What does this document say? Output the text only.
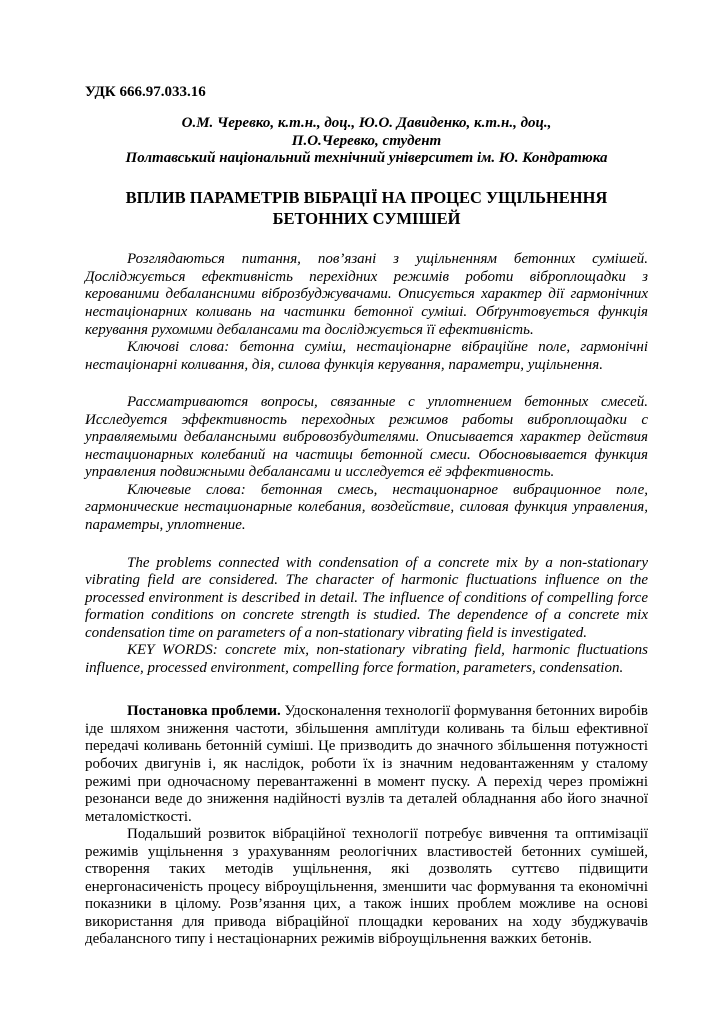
УДК 666.97.033.16
О.М. Черевко, к.т.н., доц., Ю.О. Давиденко, к.т.н., доц.,
П.О.Черевко, студент
Полтавський національний технічний університет ім. Ю. Кондратюка
ВПЛИВ ПАРАМЕТРІВ ВІБРАЦІЇ НА ПРОЦЕС УЩІЛЬНЕННЯ
БЕТОННИХ СУМІШЕЙ

Розглядаються питання, пов’язані з ущільненням бетонних сумішей. Досліджується ефективність перехідних режимів роботи віброплощадки з керованими дебалансними віброзбуджувачами. Описується характер дії гармонічних нестаціонарних коливань на частинки бетонної суміші. Обґрунтовується функція керування рухомими дебалансами та досліджується її ефективність.

Ключові слова: бетонна суміш, нестаціонарне вібраційне поле, гармонічні нестаціонарні коливання, дія, силова функція керування, параметри, ущільнення.

Рассматриваются вопросы, связанные с уплотнением бетонных смесей. Исследуется эффективность переходных режимов работы виброплощадки с управляемыми дебалансными вибровозбудителями. Описывается характер действия нестационарных колебаний на частицы бетонной смеси. Обосновывается функция управления подвижными дебалансами и исследуется её эффективность.

Ключевые слова: бетонная смесь, нестационарное вибрационное поле, гармонические нестационарные колебания, воздействие, силовая функция управления, параметры, уплотнение.

The problems connected with condensation of a concrete mix by a non-stationary vibrating field are considered. The character of harmonic fluctuations influence on the processed environment is described in detail. The influence of conditions of compelling force formation conditions on concrete strength is studied. The dependence of a concrete mix condensation time on parameters of a non-stationary vibrating field is investigated.

KEY WORDS: concrete mix, non-stationary vibrating field, harmonic fluctuations influence, processed environment, compelling force formation, parameters, condensation.

Постановка проблеми. Удосконалення технології формування бетонних виробів іде шляхом зниження частоти, збільшення амплітуди коливань та більш ефективної передачі коливань бетонній суміші. Це призводить до значного збільшення потужності робочих двигунів і, як наслідок, роботи їх із значним недовантаженням у сталому режимі при одночасному перевантаженні в момент пуску. А перехід через проміжні резонанси веде до зниження надійності вузлів та деталей обладнання або його значної металомісткості.

Подальший розвиток вібраційної технології потребує вивчення та оптимізації режимів ущільнення з урахуванням реологічних властивостей бетонних сумішей, створення таких методів ущільнення, які дозволять суттєво підвищити енергонасиченість процесу віброущільнення, зменшити час формування та економічні показники в цілому. Розв’язання цих, а також інших проблем можливе на основі використання для привода вібраційної площадки керованих на ходу збуджувачів дебалансного типу і нестаціонарних режимів віброущільнення важких бетонів.
